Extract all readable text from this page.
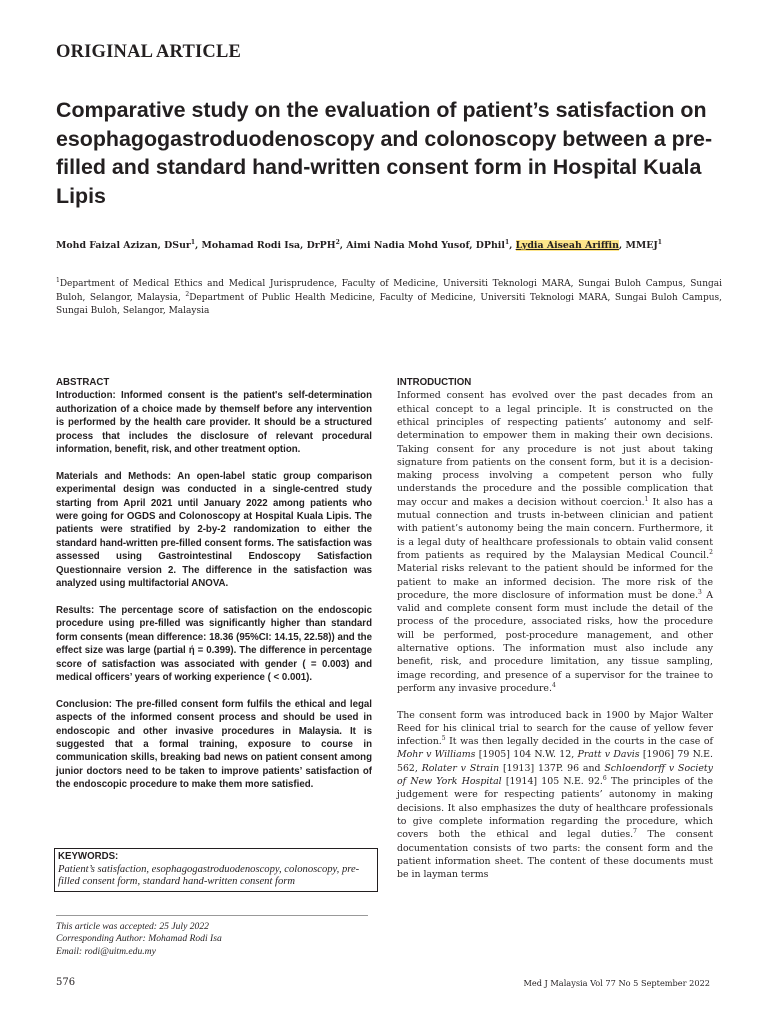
ORIGINAL ARTICLE
Comparative study on the evaluation of patient’s satisfaction on esophagogastroduodenoscopy and colonoscopy between a pre-filled and standard hand-written consent form in Hospital Kuala Lipis
Mohd Faizal Azizan, DSur$^1$, Mohamad Rodi Isa, DrPH$^2$, Aimi Nadia Mohd Yusof, DPhil$^1$, Lydia Aiseah Ariffin, MMEJ$^1$
$^1$Department of Medical Ethics and Medical Jurisprudence, Faculty of Medicine, Universiti Teknologi MARA, Sungai Buloh Campus, Sungai Buloh, Selangor, Malaysia, $^2$Department of Public Health Medicine, Faculty of Medicine, Universiti Teknologi MARA, Sungai Buloh Campus, Sungai Buloh, Selangor, Malaysia

ABSTRACT

Introduction: Informed consent is the patient's self-determination authorization of a choice made by themself before any intervention is performed by the health care provider. It should be a structured process that includes the disclosure of relevant procedural information, benefit, risk, and other treatment option.

Materials and Methods: An open-label static group comparison experimental design was conducted in a single-centred study starting from April 2021 until January 2022 among patients who were going for OGDS and Colonoscopy at Hospital Kuala Lipis. The patients were stratified by 2-by-2 randomization to either the standard hand-written pre-filled consent forms. The satisfaction was assessed using Gastrointestinal Endoscopy Satisfaction Questionnaire version 2. The difference in the satisfaction was analyzed using multifactorial ANOVA.

Results: The percentage score of satisfaction on the endoscopic procedure using pre-filled was significantly higher than standard form consents (mean difference: 18.36 (95%CI: 14.15, 22.58)) and the effect size was large (partial ή = 0.399). The difference in percentage score of satisfaction was associated with gender ( = 0.003) and medical officers’ years of working experience ( < 0.001).

Conclusion: The pre-filled consent form fulfils the ethical and legal aspects of the informed consent process and should be used in endoscopic and other invasive procedures in Malaysia. It is suggested that a formal training, exposure to course in communication skills, breaking bad news on patient consent among junior doctors need to be taken to improve patients’ satisfaction of the endoscopic procedure to make them more satisfied.

KEYWORDS:
Patient’s satisfaction, esophagogastroduodenoscopy, colonoscopy, pre-filled consent form, standard hand-written consent form

INTRODUCTION

Informed consent has evolved over the past decades from an ethical concept to a legal principle. It is constructed on the ethical principles of respecting patients’ autonomy and self-determination to empower them in making their own decisions. Taking consent for any procedure is not just about taking signature from patients on the consent form, but it is a decision-making process involving a competent person who fully understands the procedure and the possible complication that may occur and makes a decision without coercion.$^1$ It also has a mutual connection and trusts in-between clinician and patient with patient’s autonomy being the main concern. Furthermore, it is a legal duty of healthcare professionals to obtain valid consent from patients as required by the Malaysian Medical Council.$^2$ Material risks relevant to the patient should be informed for the patient to make an informed decision. The more risk of the procedure, the more disclosure of information must be done.$^3$ A valid and complete consent form must include the detail of the process of the procedure, associated risks, how the procedure will be performed, post-procedure management, and other alternative options. The information must also include any benefit, risk, and procedure limitation, any tissue sampling, image recording, and presence of a supervisor for the trainee to perform any invasive procedure.$^4$

The consent form was introduced back in 1900 by Major Walter Reed for his clinical trial to search for the cause of yellow fever infection.$^5$ It was then legally decided in the courts in the case of Mohr v Williams [1905] 104 N.W. 12, Pratt v Davis [1906] 79 N.E. 562, Rolater v Strain [1913] 137P. 96 and Schloendorff v Society of New York Hospital [1914] 105 N.E. 92.$^6$ The principles of the judgement were for respecting patients’ autonomy in making decisions. It also emphasizes the duty of healthcare professionals to give complete information regarding the procedure, which covers both the ethical and legal duties.$^7$ The consent documentation consists of two parts: the consent form and the patient information sheet. The content of these documents must be in layman terms

This article was accepted: 25 July 2022
Corresponding Author: Mohamad Rodi Isa
Email: rodi@uitm.edu.my
576	Med J Malaysia Vol 77 No 5 September 2022
